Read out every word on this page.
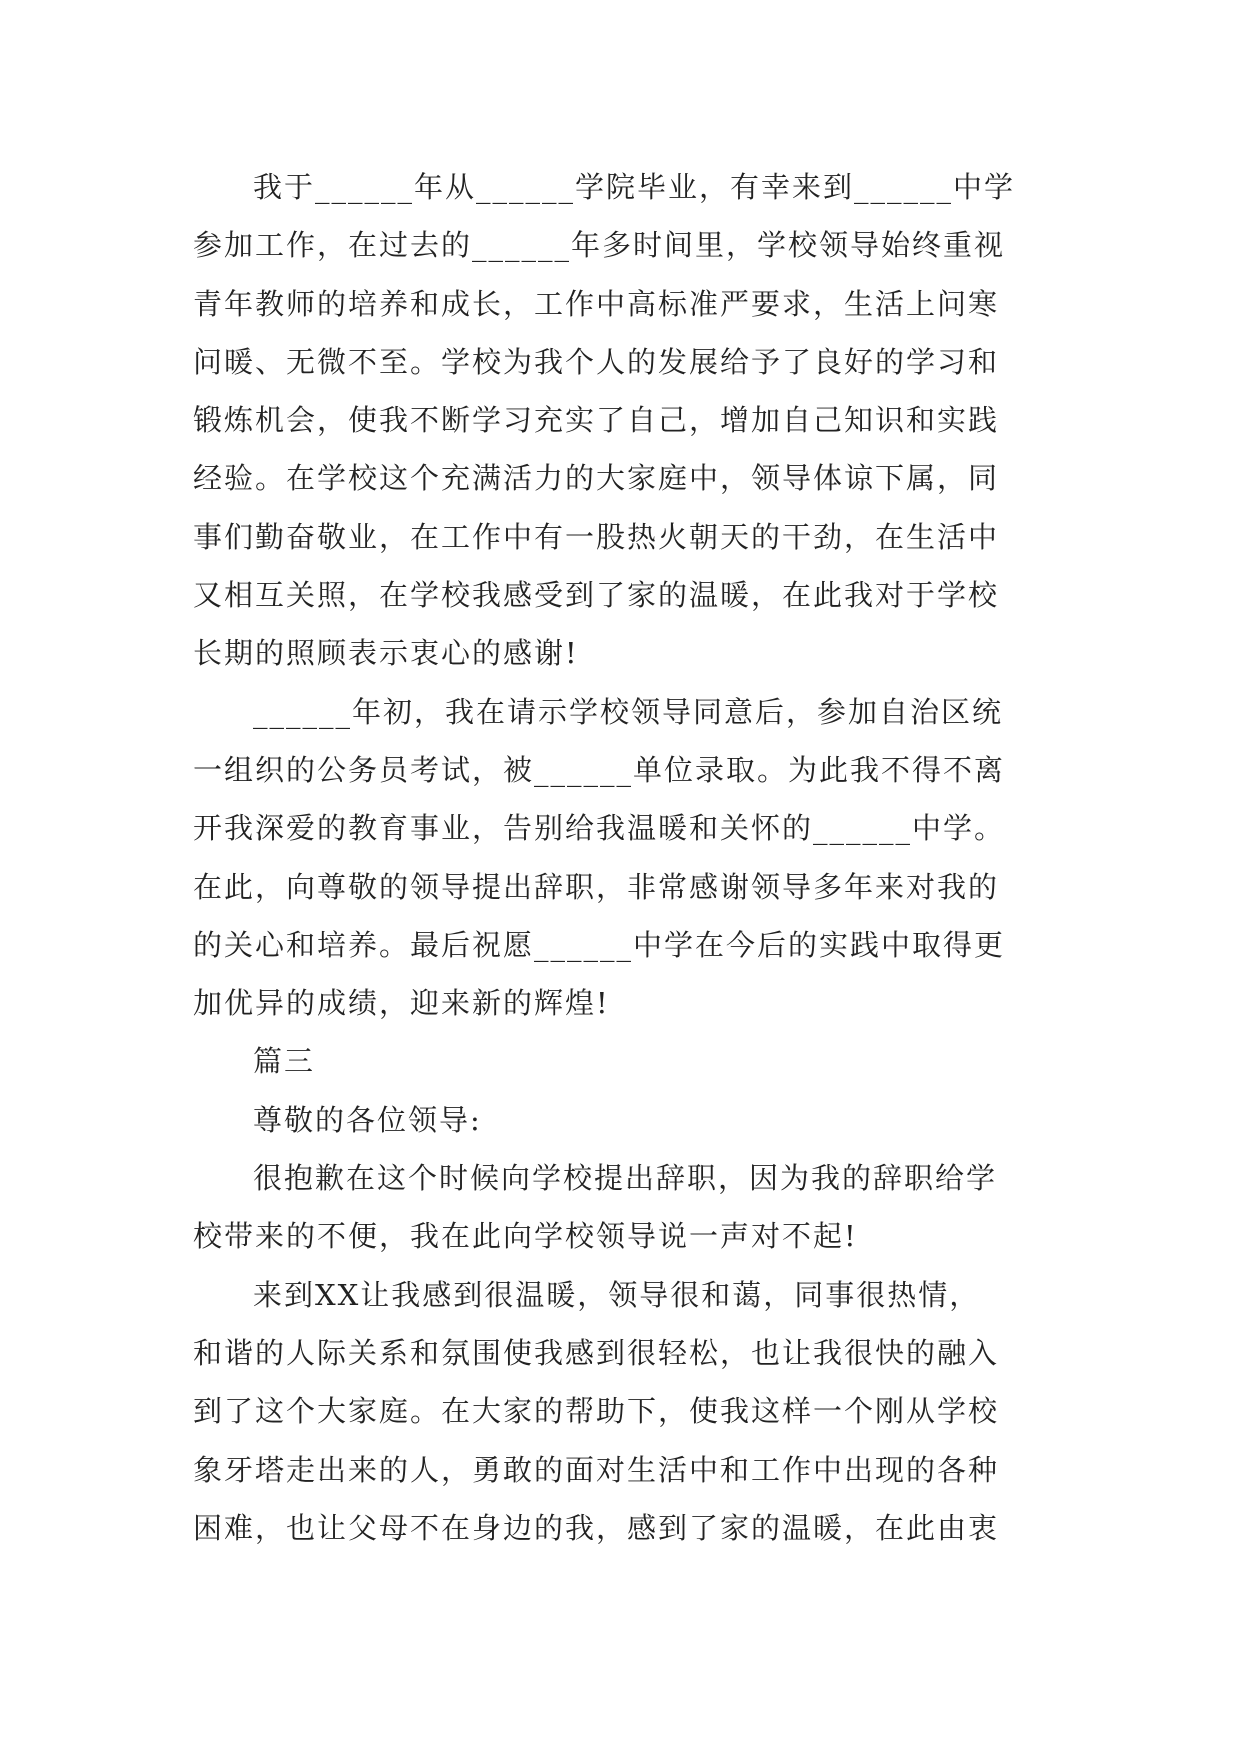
我于______年从______学院毕业，有幸来到______中学
参加工作，在过去的______年多时间里，学校领导始终重视
青年教师的培养和成长，工作中高标准严要求，生活上问寒
问暖、无微不至。学校为我个人的发展给予了良好的学习和
锻炼机会，使我不断学习充实了自己，增加自己知识和实践
经验。在学校这个充满活力的大家庭中，领导体谅下属，同
事们勤奋敬业，在工作中有一股热火朝天的干劲，在生活中
又相互关照，在学校我感受到了家的温暖，在此我对于学校
长期的照顾表示衷心的感谢!
______年初，我在请示学校领导同意后，参加自治区统
一组织的公务员考试，被______单位录取。为此我不得不离
开我深爱的教育事业，告别给我温暖和关怀的______中学。
在此，向尊敬的领导提出辞职，非常感谢领导多年来对我的
的关心和培养。最后祝愿______中学在今后的实践中取得更
加优异的成绩，迎来新的辉煌!
篇三
尊敬的各位领导:
很抱歉在这个时候向学校提出辞职，因为我的辞职给学
校带来的不便，我在此向学校领导说一声对不起!
来到XX让我感到很温暖，领导很和蔼，同事很热情，
和谐的人际关系和氛围使我感到很轻松，也让我很快的融入
到了这个大家庭。在大家的帮助下，使我这样一个刚从学校
象牙塔走出来的人，勇敢的面对生活中和工作中出现的各种
困难，也让父母不在身边的我，感到了家的温暖，在此由衷
